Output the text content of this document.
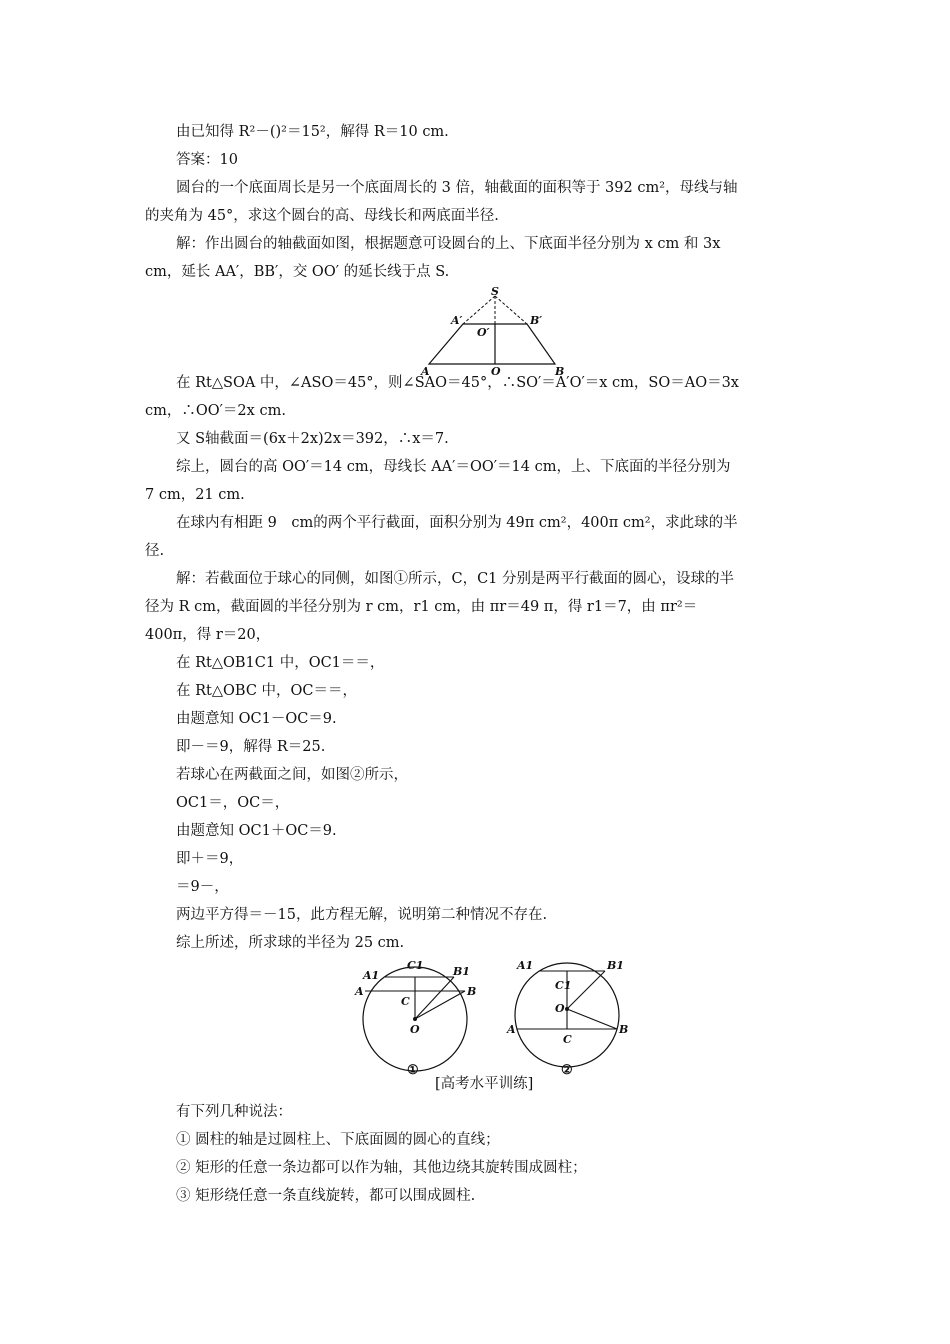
由已知得 R²－()²＝15²，解得 R＝10 cm.
答案：10
圆台的一个底面周长是另一个底面周长的 3 倍，轴截面的面积等于 392 cm²，母线与轴
的夹角为 45°，求这个圆台的高、母线长和两底面半径.
解：作出圆台的轴截面如图，根据题意可设圆台的上、下底面半径分别为 x cm 和 3x
cm，延长 AA′，BB′，交 OO′ 的延长线于点 S.
S
A′
O′
B′
A	O	B
在 Rt△SOA 中，∠ASO＝45°，则∠SAO＝45°，∴SO′＝A′O′＝x cm，SO＝AO＝3x
cm，∴OO′＝2x cm.
又 S轴截面＝(6x＋2x)2x＝392，∴x＝7.
综上，圆台的高 OO′＝14 cm，母线长 AA′＝OO′＝14 cm，上、下底面的半径分别为
7 cm，21 cm.
在球内有相距 9　cm的两个平行截面，面积分别为 49π cm²，400π cm²，求此球的半
径.
解：若截面位于球心的同侧，如图①所示，C，C1 分别是两平行截面的圆心，设球的半
径为 R cm，截面圆的半径分别为 r cm，r1 cm，由 πr＝49 π，得 r1＝7，由 πr²＝
400π，得 r＝20，
在 Rt△OB1C1 中，OC1＝＝，
在 Rt△OBC 中，OC＝＝，
由题意知 OC1－OC＝9.
即－＝9，解得 R＝25.
若球心在两截面之间，如图②所示，
OC1＝，OC＝，
由题意知 OC1＋OC＝9.
即＋＝9，
＝9－，
两边平方得＝－15，此方程无解，说明第二种情况不存在.
综上所述，所求球的半径为 25 cm.
A1
C1	B1
A
C
B
O
①
A1	B1
C1
O
A
C
B
②
[高考水平训练]
有下列几种说法：
① 圆柱的轴是过圆柱上、下底面圆的圆心的直线；
② 矩形的任意一条边都可以作为轴，其他边绕其旋转围成圆柱；
③ 矩形绕任意一条直线旋转，都可以围成圆柱.
